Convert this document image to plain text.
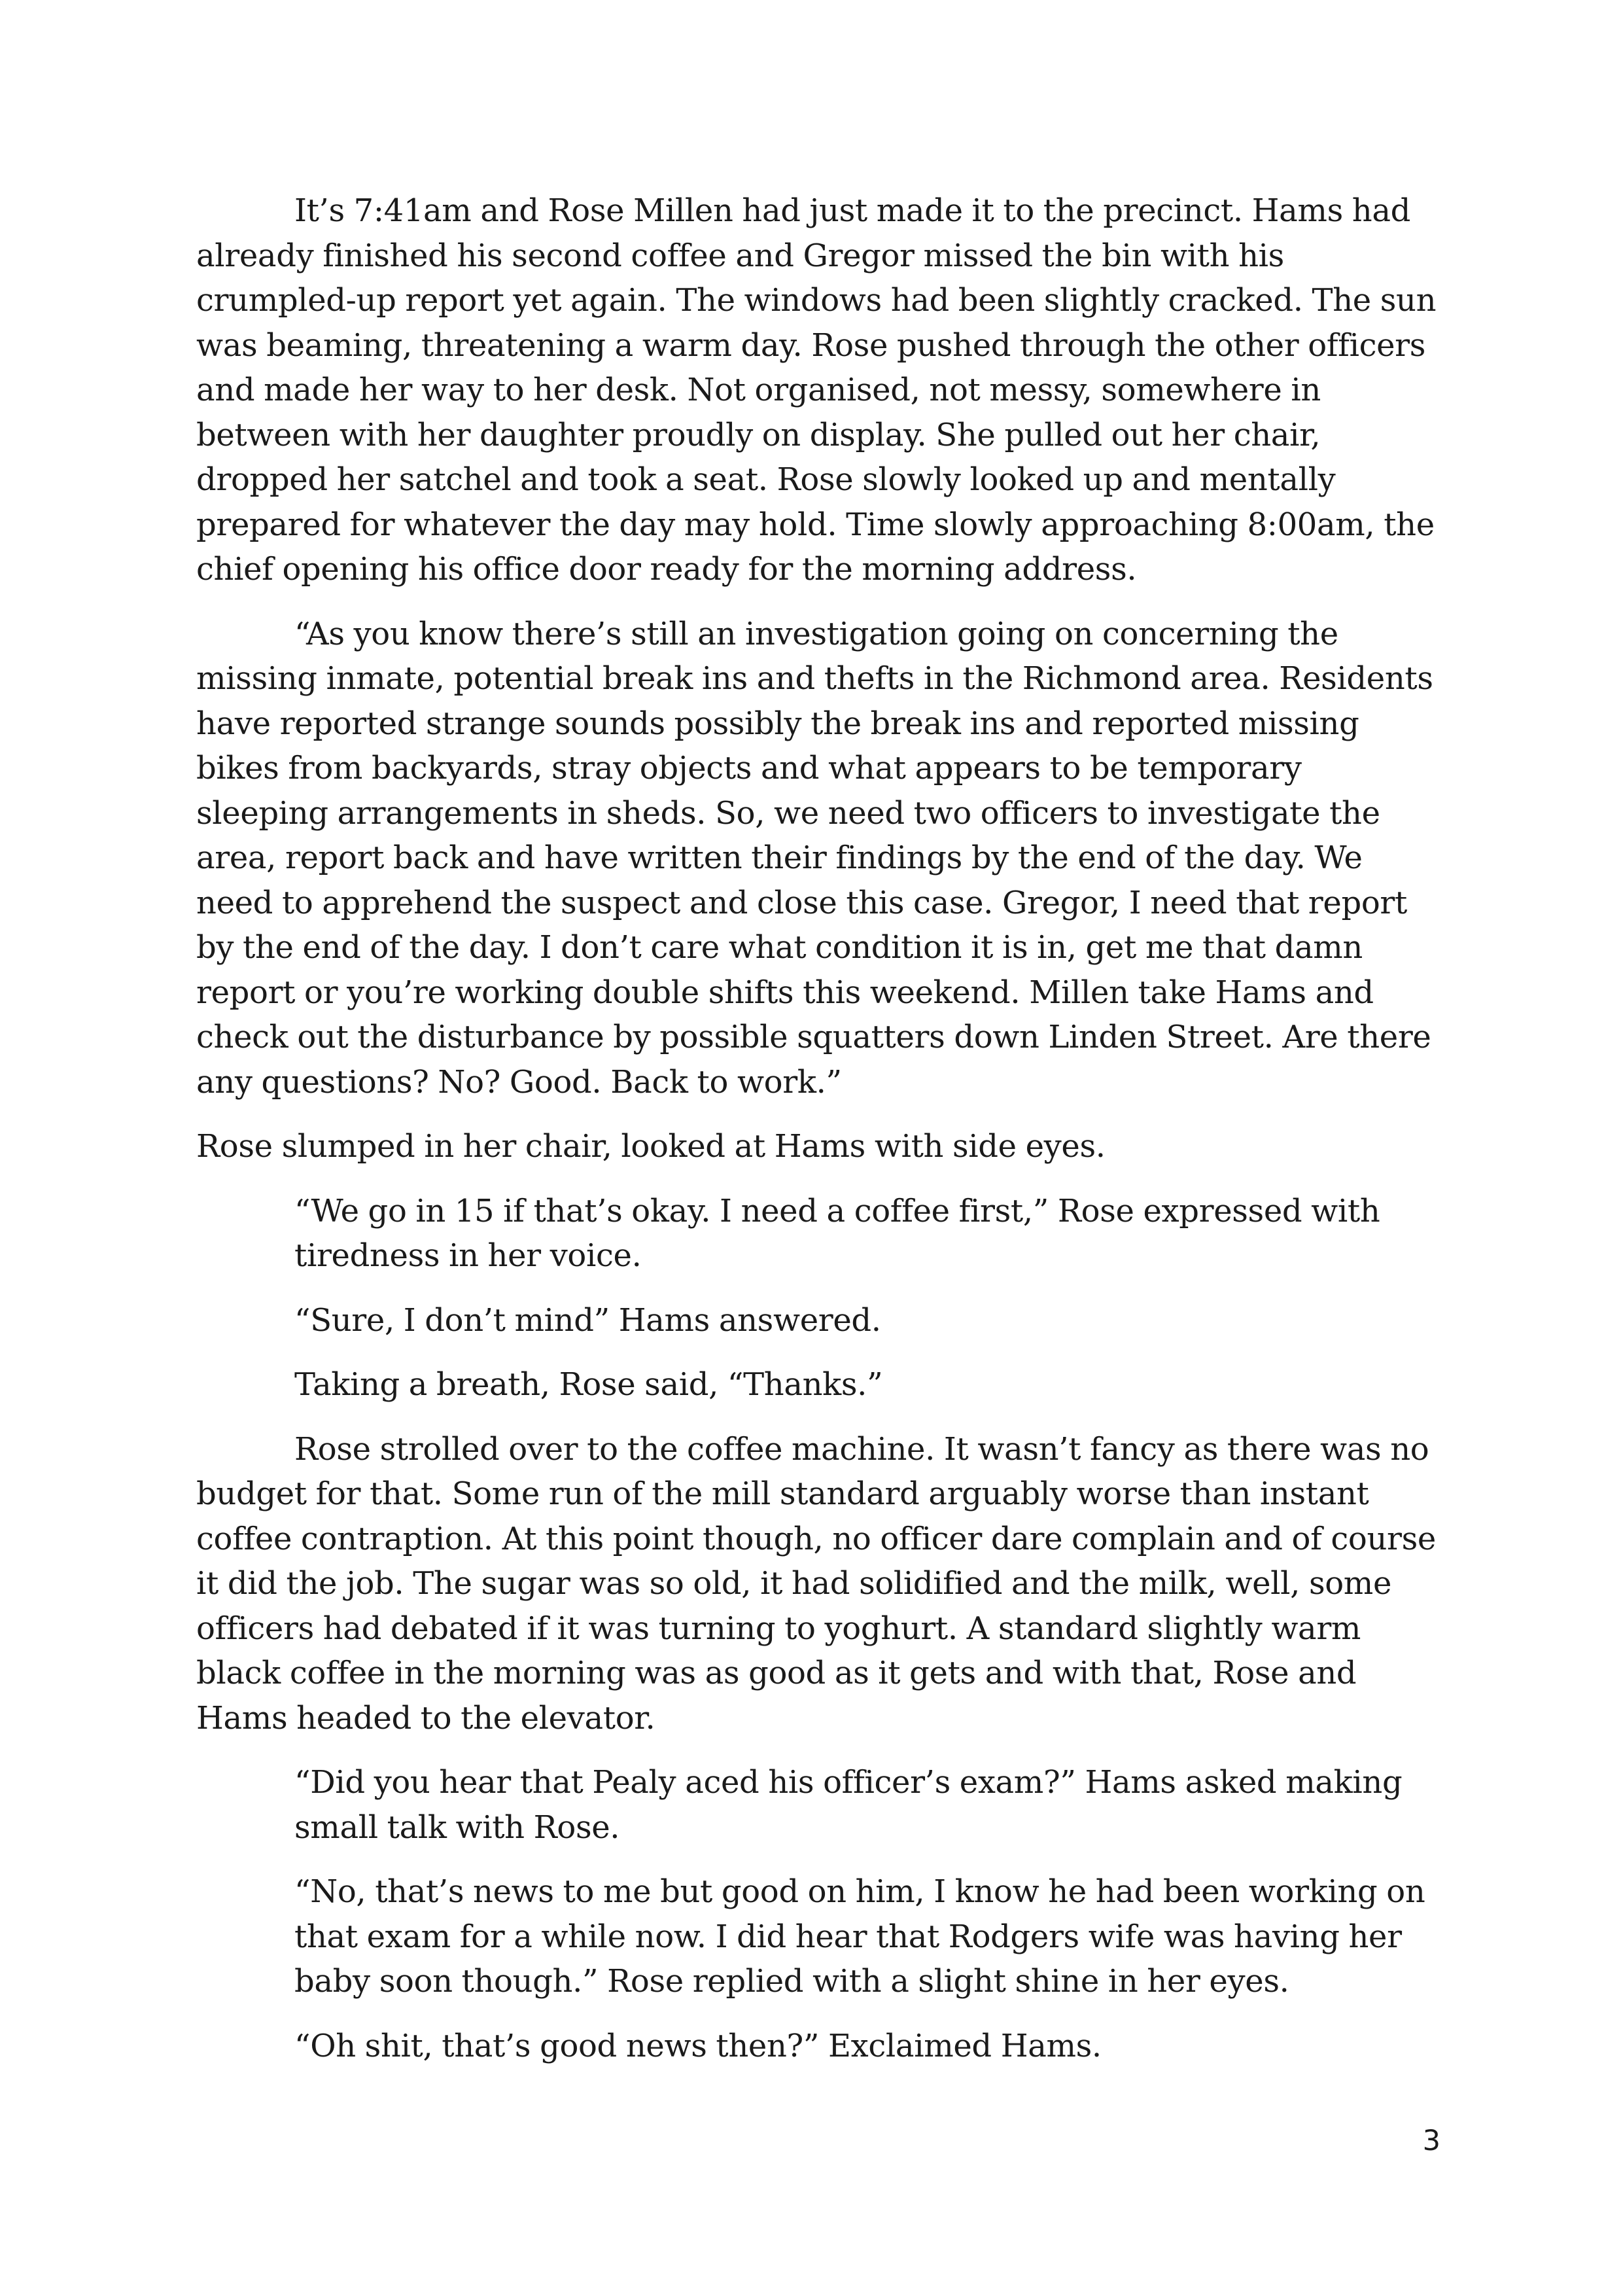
It’s 7:41am and Rose Millen had just made it to the precinct. Hams had already finished his second coffee and Gregor missed the bin with his crumpled-up report yet again. The windows had been slightly cracked. The sun was beaming, threatening a warm day. Rose pushed through the other officers and made her way to her desk. Not organised, not messy, somewhere in between with her daughter proudly on display. She pulled out her chair, dropped her satchel and took a seat. Rose slowly looked up and mentally prepared for whatever the day may hold. Time slowly approaching 8:00am, the chief opening his office door ready for the morning address.

“As you know there’s still an investigation going on concerning the missing inmate, potential break ins and thefts in the Richmond area. Residents have reported strange sounds possibly the break ins and reported missing bikes from backyards, stray objects and what appears to be temporary sleeping arrangements in sheds. So, we need two officers to investigate the area, report back and have written their findings by the end of the day. We need to apprehend the suspect and close this case. Gregor, I need that report by the end of the day. I don’t care what condition it is in, get me that damn report or you’re working double shifts this weekend. Millen take Hams and check out the disturbance by possible squatters down Linden Street. Are there any questions? No? Good. Back to work.”

Rose slumped in her chair, looked at Hams with side eyes.

“We go in 15 if that’s okay. I need a coffee first,” Rose expressed with tiredness in her voice.

“Sure, I don’t mind” Hams answered.

Taking a breath, Rose said, “Thanks.”

Rose strolled over to the coffee machine. It wasn’t fancy as there was no budget for that. Some run of the mill standard arguably worse than instant coffee contraption. At this point though, no officer dare complain and of course it did the job. The sugar was so old, it had solidified and the milk, well, some officers had debated if it was turning to yoghurt. A standard slightly warm black coffee in the morning was as good as it gets and with that, Rose and Hams headed to the elevator.

“Did you hear that Pealy aced his officer’s exam?” Hams asked making small talk with Rose.

“No, that’s news to me but good on him, I know he had been working on that exam for a while now. I did hear that Rodgers wife was having her baby soon though.” Rose replied with a slight shine in her eyes.

“Oh shit, that’s good news then?” Exclaimed Hams.

3
